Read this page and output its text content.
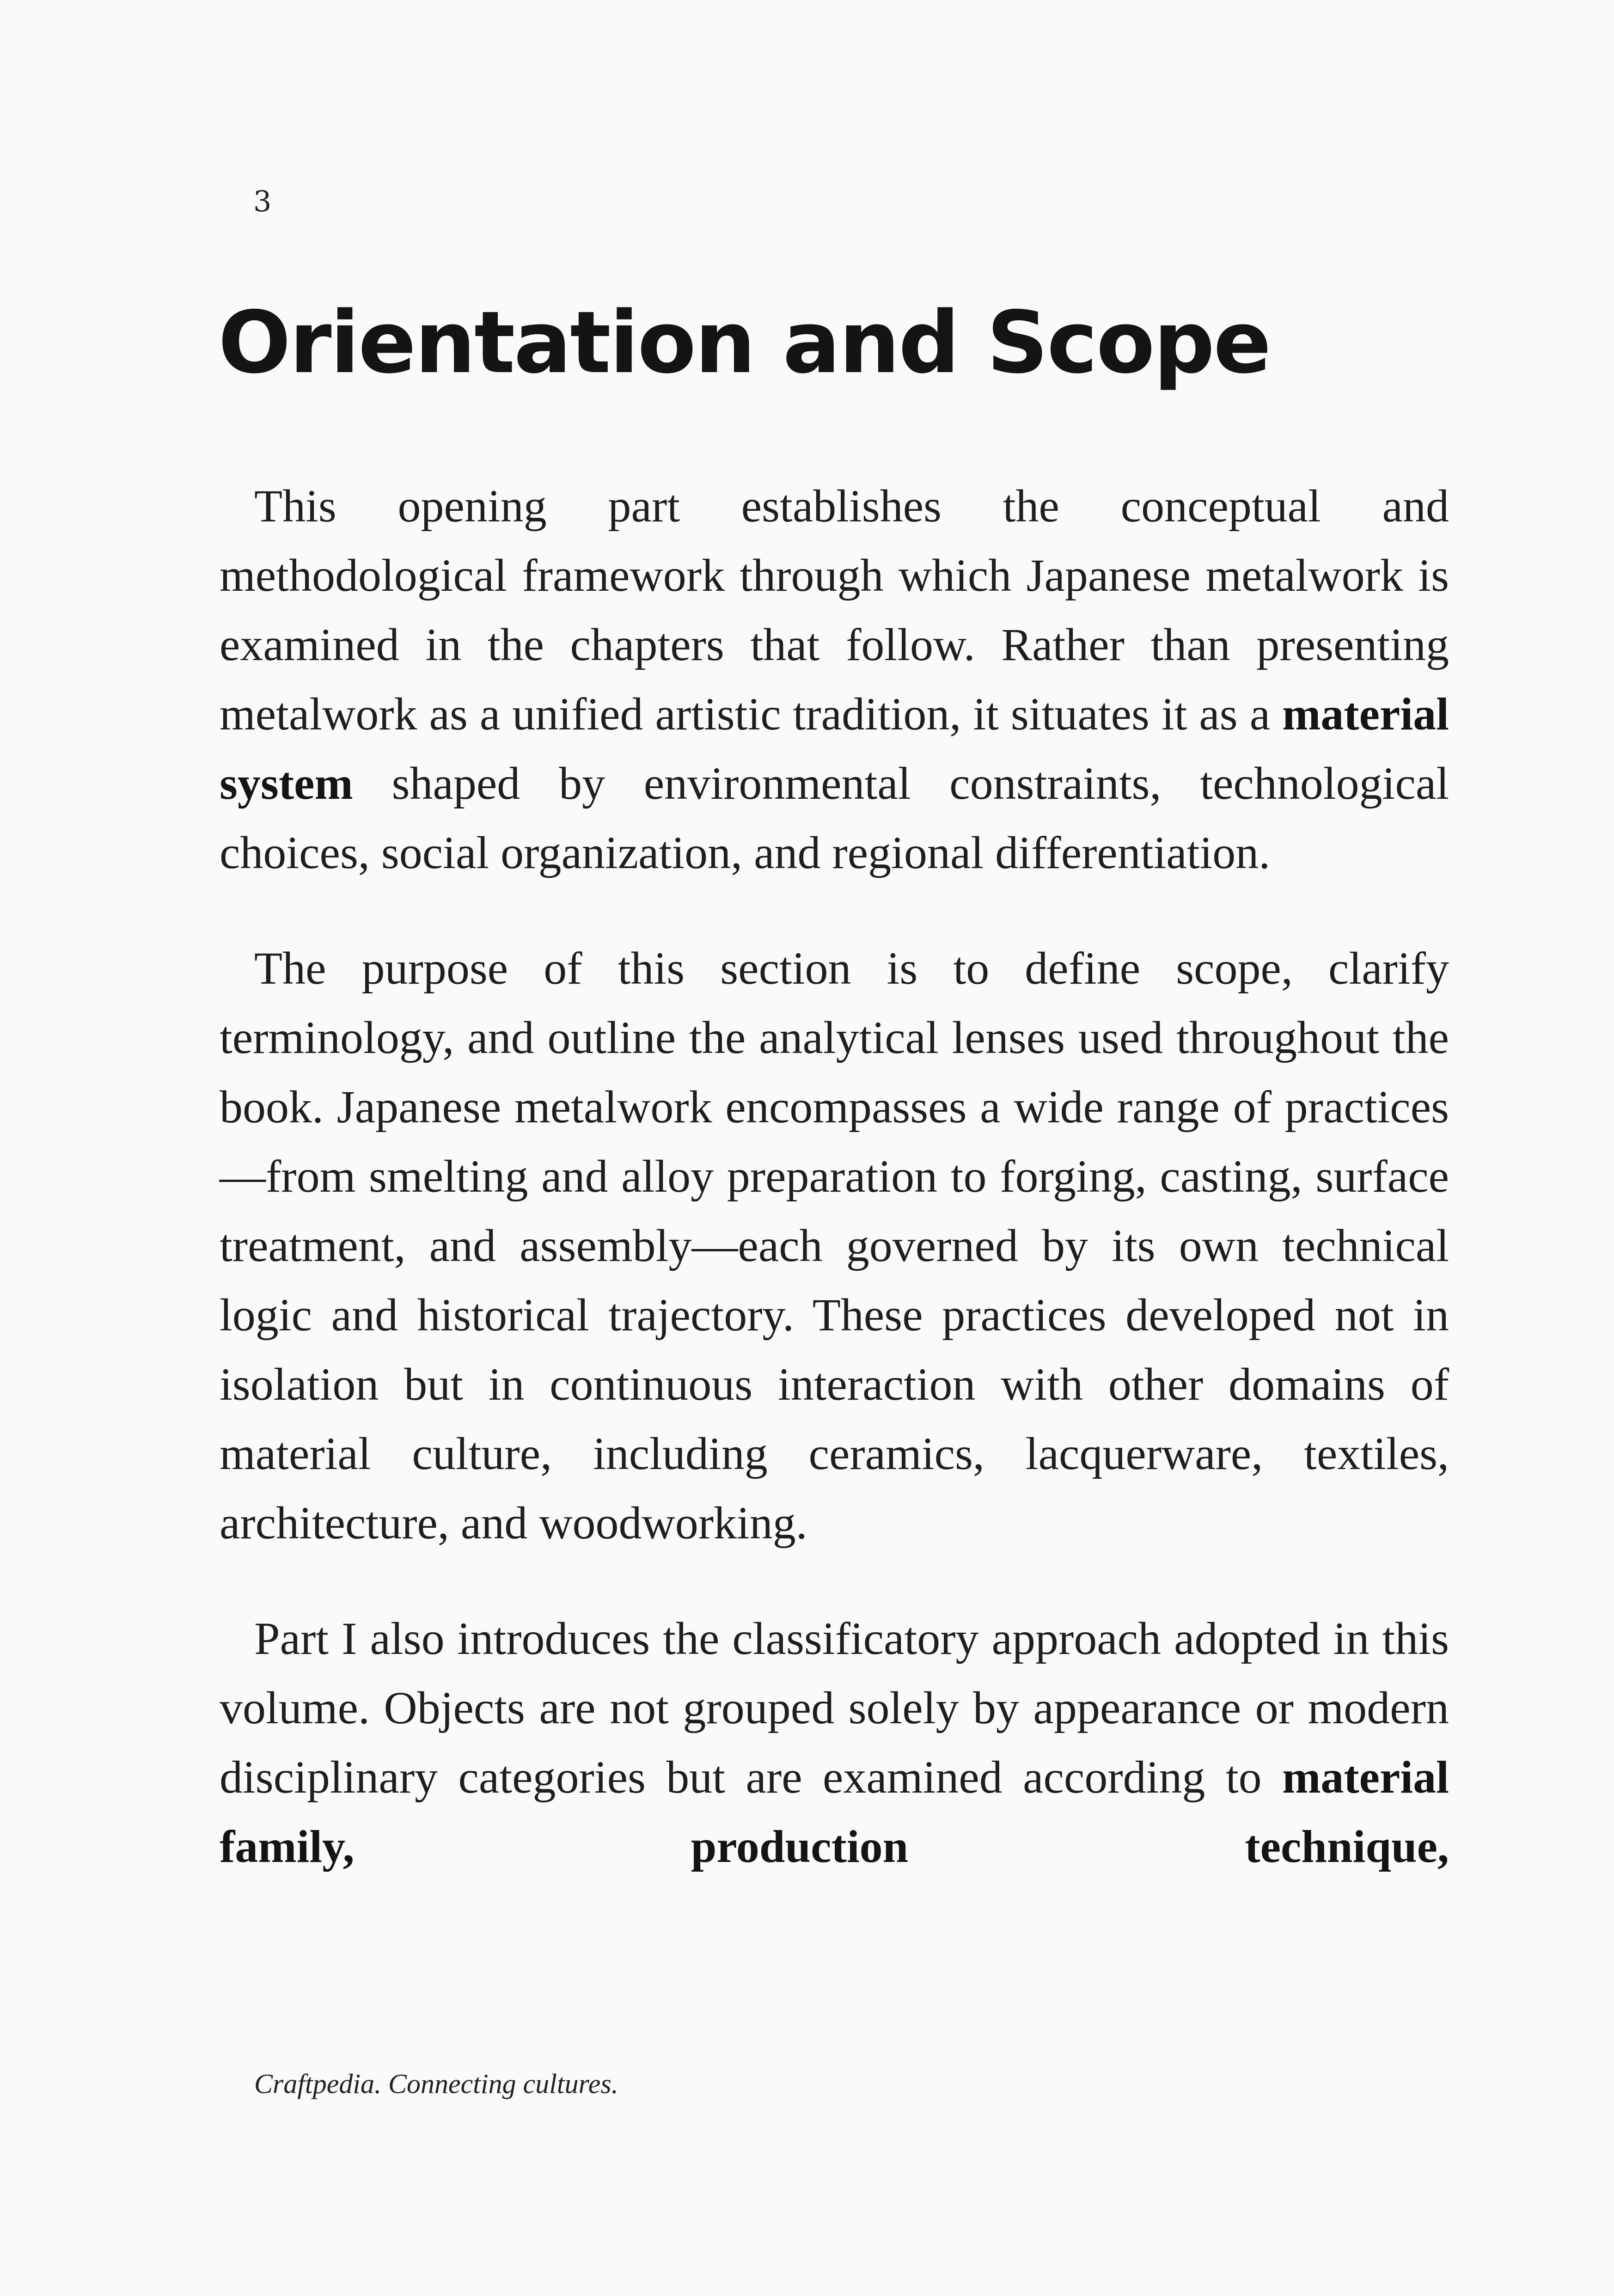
3
Orientation and Scope

This opening part establishes the conceptual and methodological framework through which Japanese metalwork is examined in the chapters that follow. Rather than presenting metalwork as a unified artistic tradition, it situates it as a material system shaped by environmental constraints, technological choices, social organization, and regional differentiation.

The purpose of this section is to define scope, clarify terminology, and outline the analytical lenses used throughout the book. Japanese metalwork encompasses a wide range of practices—from smelting and alloy preparation to forging, casting, surface treatment, and assembly—each governed by its own technical logic and historical trajectory. These practices developed not in isolation but in continuous interaction with other domains of material culture, including ceramics, lacquerware, textiles, architecture, and woodworking.

Part I also introduces the classificatory approach adopted in this volume. Objects are not grouped solely by appearance or modern disciplinary categories but are examined according to material family, production technique,

Craftpedia. Connecting cultures.
